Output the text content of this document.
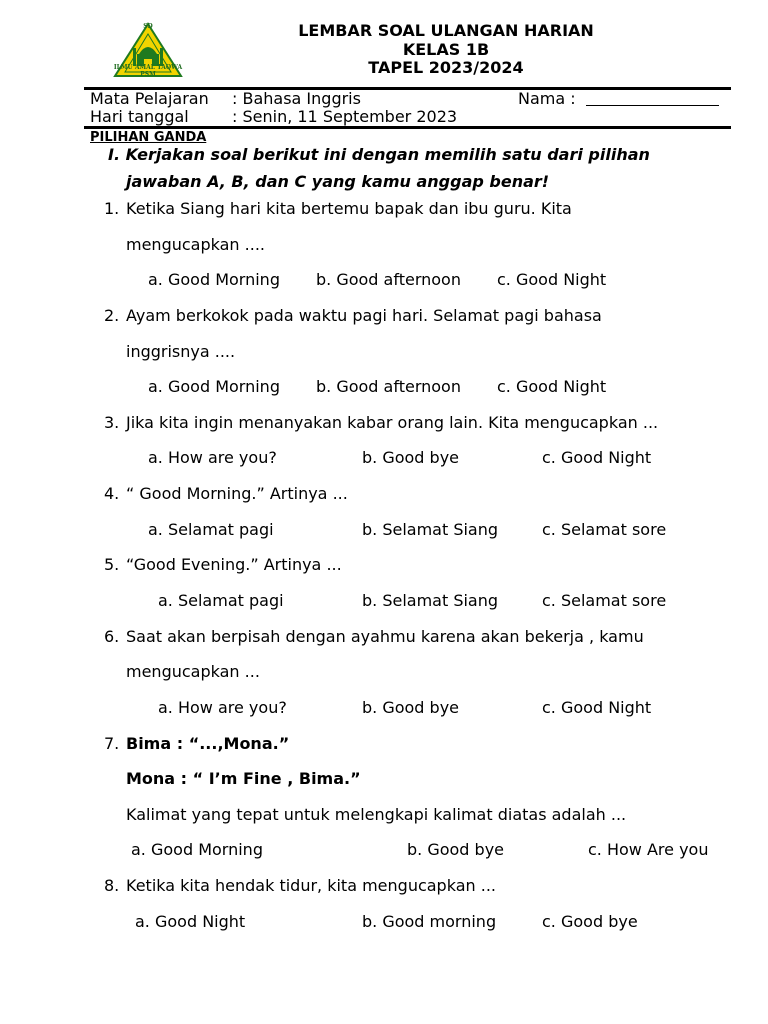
SD
ILMU AMAL TAQWA
PSM
LEMBAR SOAL ULANGAN HARIAN
KELAS 1B
TAPEL 2023/2024
Mata Pelajaran : Bahasa Inggris	Nama :
Hari tanggal	: Senin, 11 September 2023
PILIHAN GANDA
I. Kerjakan soal berikut ini dengan memilih satu dari pilihan
jawaban A, B, dan C yang kamu anggap benar!
1. Ketika Siang hari kita bertemu bapak dan ibu guru. Kita
mengucapkan ....
a. Good Morning b. Good afternoon c. Good Night
2. Ayam berkokok pada waktu pagi hari. Selamat pagi bahasa
inggrisnya ....
a. Good Morning b. Good afternoon c. Good Night
3. Jika kita ingin menanyakan kabar orang lain. Kita mengucapkan ...
a. How are you?	b. Good bye	c. Good Night
4. “ Good Morning.” Artinya ...
a. Selamat pagi	b. Selamat Siang	c. Selamat sore
5. “Good Evening.” Artinya ...
a. Selamat pagi	b. Selamat Siang	c. Selamat sore
6. Saat akan berpisah dengan ayahmu karena akan bekerja , kamu
mengucapkan ...
a. How are you?	b. Good bye	c. Good Night
7. Bima : “...,Mona.”
Mona : “ I’m Fine , Bima.”
Kalimat yang tepat untuk melengkapi kalimat diatas adalah ...
a. Good Morning	b. Good bye	c. How Are you
8. Ketika kita hendak tidur, kita mengucapkan ...
a. Good Night	b. Good morning	c. Good bye
